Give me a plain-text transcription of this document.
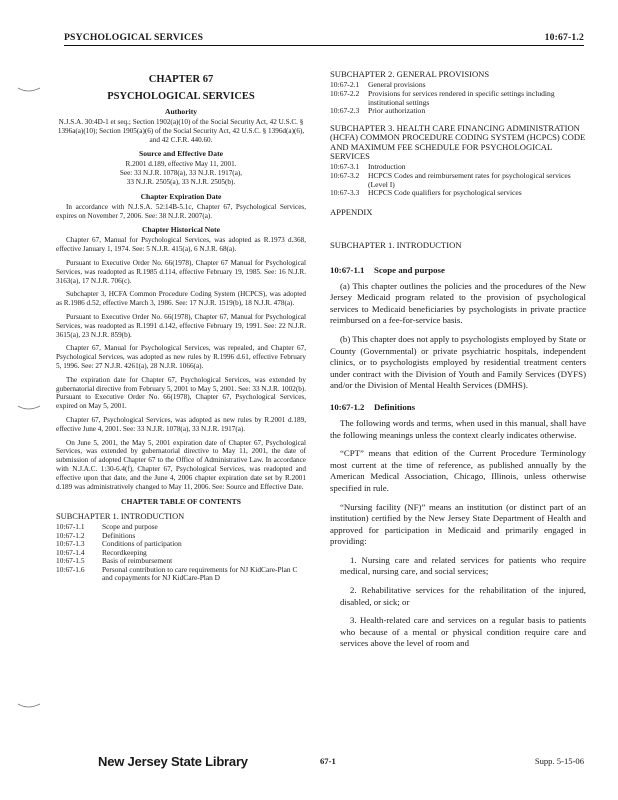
PSYCHOLOGICAL SERVICES	10:67-1.2
CHAPTER 67
PSYCHOLOGICAL SERVICES
Authority
N.J.S.A. 30:4D-1 et seq.; Section 1902(a)(10) of the Social Security Act, 42 U.S.C. § 1396a(a)(10); Section 1905(a)(6) of the Social Security Act, 42 U.S.C. § 1396d(a)(6), and 42 C.F.R. 440.60.
Source and Effective Date
R.2001 d.189, effective May 11, 2001.
See: 33 N.J.R. 1078(a), 33 N.J.R. 1917(a),
33 N.J.R. 2505(a), 33 N.J.R. 2505(b).
Chapter Expiration Date
In accordance with N.J.S.A. 52:14B-5.1c, Chapter 67, Psychological Services, expires on November 7, 2006. See: 38 N.J.R. 2007(a).
Chapter Historical Note
Chapter 67, Manual for Psychological Services, was adopted as R.1973 d.368, effective January 1, 1974. See: 5 N.J.R. 415(a), 6 N.J.R. 68(a).
Pursuant to Executive Order No. 66(1978), Chapter 67 Manual for Psychological Services, was readopted as R.1985 d.114, effective February 19, 1985. See: 16 N.J.R. 3163(a), 17 N.J.R. 706(c).
Subchapter 3, HCFA Common Procedure Coding System (HCPCS), was adopted as R.1986 d.52, effective March 3, 1986. See: 17 N.J.R. 1519(b), 18 N.J.R. 478(a).
Pursuant to Executive Order No. 66(1978), Chapter 67, Manual for Psychological Services, was readopted as R.1991 d.142, effective February 19, 1991. See: 22 N.J.R. 3615(a), 23 N.J.R. 859(b).
Chapter 67, Manual for Psychological Services, was repealed, and Chapter 67, Psychological Services, was adopted as new rules by R.1996 d.61, effective February 5, 1996. See: 27 N.J.R. 4261(a), 28 N.J.R. 1066(a).
The expiration date for Chapter 67, Psychological Services, was extended by gubernatorial directive from February 5, 2001 to May 5, 2001. See: 33 N.J.R. 1002(b). Pursuant to Executive Order No. 66(1978), Chapter 67, Psychological Services, expired on May 5, 2001.
Chapter 67, Psychological Services, was adopted as new rules by R.2001 d.189, effective June 4, 2001. See: 33 N.J.R. 1078(a), 33 N.J.R. 1917(a).
On June 5, 2001, the May 5, 2001 expiration date of Chapter 67, Psychological Services, was extended by gubernatorial directive to May 11, 2001, the date of submission of adopted Chapter 67 to the Office of Administrative Law. In accordance with N.J.A.C. 1:30-6.4(f), Chapter 67, Psychological Services, was readopted and effective upon that date, and the June 4, 2006 chapter expiration date set by R.2001 d.189 was administratively changed to May 11, 2006. See: Source and Effective Date.
CHAPTER TABLE OF CONTENTS
SUBCHAPTER 1. INTRODUCTION
10:67-1.1	Scope and purpose
10:67-1.2	Definitions
10:67-1.3	Conditions of participation
10:67-1.4	Recordkeeping
10:67-1.5	Basis of reimbursement
10:67-1.6	Personal contribution to care requirements for NJ KidCare-Plan C and copayments for NJ KidCare-Plan D
SUBCHAPTER 2. GENERAL PROVISIONS
10:67-2.1	General provisions
10:67-2.2	Provisions for services rendered in specific settings including institutional settings
10:67-2.3	Prior authorization
SUBCHAPTER 3. HEALTH CARE FINANCING ADMINISTRATION (HCFA) COMMON PROCEDURE CODING SYSTEM (HCPCS) CODE AND MAXIMUM FEE SCHEDULE FOR PSYCHOLOGICAL SERVICES
10:67-3.1	Introduction
10:67-3.2	HCPCS Codes and reimbursement rates for psychological services (Level I)
10:67-3.3	HCPCS Code qualifiers for psychological services
APPENDIX
SUBCHAPTER 1. INTRODUCTION
10:67-1.1 Scope and purpose
(a) This chapter outlines the policies and the procedures of the New Jersey Medicaid program related to the provision of psychological services to Medicaid beneficiaries by psychologists in private practice reimbursed on a fee-for-service basis.
(b) This chapter does not apply to psychologists employed by State or County (Governmental) or private psychiatric hospitals, independent clinics, or to psychologists employed by residential treatment centers under contract with the Division of Youth and Family Services (DYFS) and/or the Division of Mental Health Services (DMHS).
10:67-1.2 Definitions
The following words and terms, when used in this manual, shall have the following meanings unless the context clearly indicates otherwise.
“CPT” means that edition of the Current Procedure Terminology most current at the time of reference, as published annually by the American Medical Association, Chicago, Illinois, unless otherwise specified in rule.
“Nursing facility (NF)” means an institution (or distinct part of an institution) certified by the New Jersey State Department of Health and approved for participation in Medicaid and primarily engaged in providing:
1. Nursing care and related services for patients who require medical, nursing care, and social services;
2. Rehabilitative services for the rehabilitation of the injured, disabled, or sick; or
3. Health-related care and services on a regular basis to patients who because of a mental or physical condition require care and services above the level of room and
New Jersey State Library	67-1	Supp. 5-15-06
